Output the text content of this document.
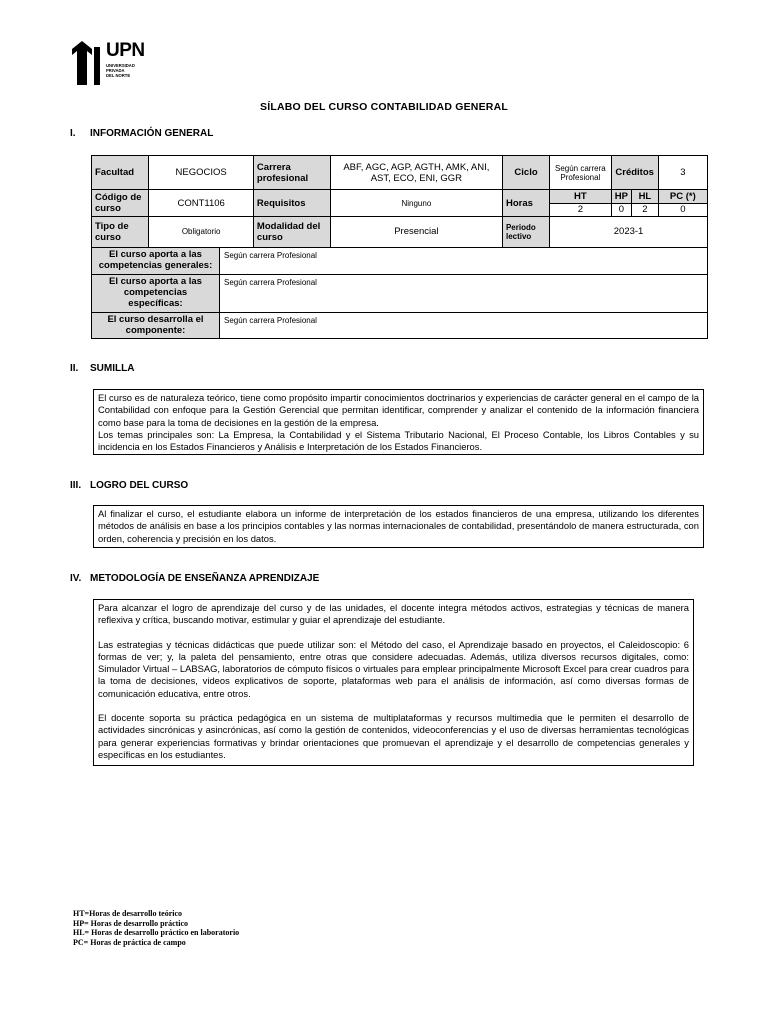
UPN
UNIVERSIDAD
PRIVADA
DEL NORTE
SÍLABO DEL CURSO CONTABILIDAD GENERAL
I. INFORMACIÓN GENERAL
Facultad	NEGOCIOS	Carrera profesional	ABF, AGC, AGP, AGTH, AMK, ANI, AST, ECO, ENI, GGR	Ciclo	Según carrera Profesional	Créditos		3
Código de curso	CONT1106	Requisitos	Ninguno	Horas	HT	HP	HL	PC (*)
					2	0	2	0
Tipo de curso	Obligatorio	Modalidad del curso	Presencial	Periodo lectivo	2023-1			
El curso aporta a las competencias generales:	Según carrera Profesional
El curso aporta a las competencias específicas:	Según carrera Profesional
El curso desarrolla el componente:	Según carrera Profesional
II. SUMILLA

El curso es de naturaleza teórico, tiene como propósito impartir conocimientos doctrinarios y experiencias de carácter general en el campo de la Contabilidad con enfoque para la Gestión Gerencial que permitan identificar, comprender y analizar el contenido de la información financiera como base para la toma de decisiones en la gestión de la empresa.

Los temas principales son: La Empresa, la Contabilidad y el Sistema Tributario Nacional, El Proceso Contable, los Libros Contables y su incidencia en los Estados Financieros y Análisis e Interpretación de los Estados Financieros.

III. LOGRO DEL CURSO

Al finalizar el curso, el estudiante elabora un informe de interpretación de los estados financieros de una empresa, utilizando los diferentes métodos de análisis en base a los principios contables y las normas internacionales de contabilidad, presentándolo de manera estructurada, con orden, coherencia y precisión en los datos.

IV. METODOLOGÍA DE ENSEÑANZA APRENDIZAJE

Para alcanzar el logro de aprendizaje del curso y de las unidades, el docente integra métodos activos, estrategias y técnicas de manera reflexiva y crítica, buscando motivar, estimular y guiar el aprendizaje del estudiante.

Las estrategias y técnicas didácticas que puede utilizar son: el Método del caso, el Aprendizaje basado en proyectos, el Caleidoscopio: 6 formas de ver; y, la paleta del pensamiento, entre otras que considere adecuadas. Además, utiliza diversos recursos digitales, como: Simulador Virtual – LABSAG, laboratorios de cómputo físicos o virtuales para emplear principalmente Microsoft Excel para crear cuadros para la toma de decisiones, videos explicativos de soporte, plataformas web para el análisis de información, así como diversas formas de comunicación educativa, entre otros.

El docente soporta su práctica pedagógica en un sistema de multiplataformas y recursos multimedia que le permiten el desarrollo de actividades sincrónicas y asincrónicas, así como la gestión de contenidos, videoconferencias y el uso de diversas herramientas tecnológicas para generar experiencias formativas y brindar orientaciones que promuevan el aprendizaje y el desarrollo de competencias generales y específicas en los estudiantes.

HT=Horas de desarrollo teórico
HP= Horas de desarrollo práctico
HL= Horas de desarrollo práctico en laboratorio
PC= Horas de práctica de campo
